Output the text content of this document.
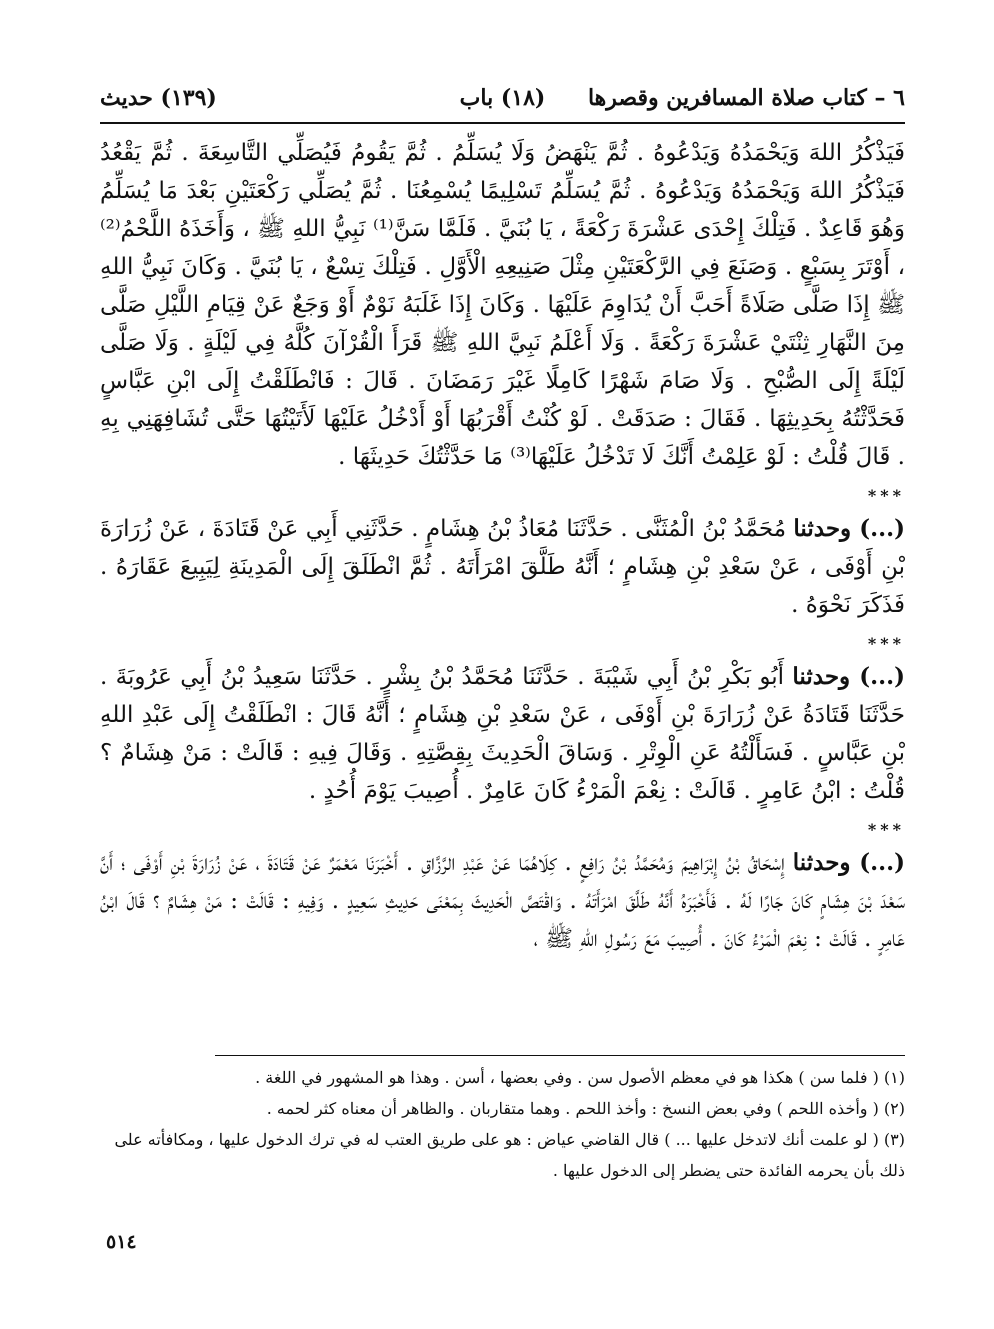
٦ – كتاب صلاة المسافرين وقصرها
(١٨) باب
(١٣٩) حديث

فَيَذْكُرُ اللهَ وَيَحْمَدُهُ وَيَدْعُوهُ . ثُمَّ يَنْهَضُ وَلَا يُسَلِّمُ . ثُمَّ يَقُومُ فَيُصَلِّي التَّاسِعَةَ . ثُمَّ يَقْعُدُ فَيَذْكُرُ اللهَ وَيَحْمَدُهُ وَيَدْعُوهُ . ثُمَّ يُسَلِّمُ تَسْلِيمًا يُسْمِعُنَا . ثُمَّ يُصَلِّي رَكْعَتَيْنِ بَعْدَ مَا يُسَلِّمُ وَهُوَ قَاعِدٌ . فَتِلْكَ إِحْدَى عَشْرَةَ رَكْعَةً ، يَا بُنَيَّ . فَلَمَّا سَنَّ⁽¹⁾ نَبِيُّ اللهِ ﷺ ، وَأَخَذَهُ اللَّحْمُ⁽²⁾ ، أَوْتَرَ بِسَبْعٍ . وَصَنَعَ فِي الرَّكْعَتَيْنِ مِثْلَ صَنِيعِهِ الْأَوَّلِ . فَتِلْكَ تِسْعٌ ، يَا بُنَيَّ . وَكَانَ نَبِيُّ اللهِ ﷺ إِذَا صَلَّى صَلَاةً أَحَبَّ أَنْ يُدَاوِمَ عَلَيْهَا . وَكَانَ إِذَا غَلَبَهُ نَوْمٌ أَوْ وَجَعٌ عَنْ قِيَامِ اللَّيْلِ صَلَّى مِنَ النَّهَارِ ثِنْتَيْ عَشْرَةَ رَكْعَةً . وَلَا أَعْلَمُ نَبِيَّ اللهِ ﷺ قَرَأَ الْقُرْآنَ كُلَّهُ فِي لَيْلَةٍ . وَلَا صَلَّى لَيْلَةً إِلَى الصُّبْحِ . وَلَا صَامَ شَهْرًا كَامِلًا غَيْرَ رَمَضَانَ . قَالَ : فَانْطَلَقْتُ إِلَى ابْنِ عَبَّاسٍ فَحَدَّثْتُهُ بِحَدِيثِهَا . فَقَالَ : صَدَقَتْ . لَوْ كُنْتُ أَقْرَبُهَا أَوْ أَدْخُلُ عَلَيْهَا لَأَتَيْتُهَا حَتَّى تُشَافِهَنِي بِهِ . قَالَ قُلْتُ : لَوْ عَلِمْتُ أَنَّكَ لَا تَدْخُلُ عَلَيْهَا⁽³⁾ مَا حَدَّثْتُكَ حَدِيثَهَا .

***

(...) وحدثنا مُحَمَّدُ بْنُ الْمُثَنَّى . حَدَّثَنَا مُعَاذُ بْنُ هِشَامٍ . حَدَّثَنِي أَبِي عَنْ قَتَادَةَ ، عَنْ زُرَارَةَ بْنِ أَوْفَى ، عَنْ سَعْدِ بْنِ هِشَامٍ ؛ أَنَّهُ طَلَّقَ امْرَأَتَهُ . ثُمَّ انْطَلَقَ إِلَى الْمَدِينَةِ لِيَبِيعَ عَقَارَهُ . فَذَكَرَ نَحْوَهُ .

***

(...) وحدثنا أَبُو بَكْرِ بْنُ أَبِي شَيْبَةَ . حَدَّثَنَا مُحَمَّدُ بْنُ بِشْرٍ . حَدَّثَنَا سَعِيدُ بْنُ أَبِي عَرُوبَةَ . حَدَّثَنَا قَتَادَةُ عَنْ زُرَارَةَ بْنِ أَوْفَى ، عَنْ سَعْدِ بْنِ هِشَامٍ ؛ أَنَّهُ قَالَ : انْطَلَقْتُ إِلَى عَبْدِ اللهِ بْنِ عَبَّاسٍ . فَسَأَلْتُهُ عَنِ الْوِتْرِ . وَسَاقَ الْحَدِيثَ بِقِصَّتِهِ . وَقَالَ فِيهِ : قَالَتْ : مَنْ هِشَامٌ ؟ قُلْتُ : ابْنُ عَامِرٍ . قَالَتْ : نِعْمَ الْمَرْءُ كَانَ عَامِرٌ . أُصِيبَ يَوْمَ أُحُدٍ .

***

(...) وحدثنا إِسْحَاقُ بْنُ إِبْرَاهِيمَ وَمُحَمَّدُ بْنُ رَافِعٍ . كِلَاهُمَا عَنْ عَبْدِ الرَّزَّاقِ . أَخْبَرَنَا مَعْمَرٌ عَنْ قَتَادَةَ ، عَنْ زُرَارَةَ بْنِ أَوْفَى ؛ أَنَّ سَعْدَ بْنَ هِشَامٍ كَانَ جَارًا لَهُ . فَأَخْبَرَهُ أَنَّهُ طَلَّقَ امْرَأَتَهُ . وَاقْتَصَّ الْحَدِيثَ بِمَعْنَى حَدِيثِ سَعِيدٍ . وَفِيهِ : قَالَتْ : مَنْ هِشَامٌ ؟ قَالَ ابْنُ عَامِرٍ . قَالَتْ : نِعْمَ الْمَرْءُ كَانَ . أُصِيبَ مَعَ رَسُولِ اللهِ ﷺ ،

(١) ( فلما سن ) هكذا هو في معظم الأصول سن . وفي بعضها ، أسن . وهذا هو المشهور في اللغة .

(٢) ( وأخذه اللحم ) وفي بعض النسخ : وأخذ اللحم . وهما متقاربان . والظاهر أن معناه كثر لحمه .

(٣) ( لو علمت أنك لاتدخل عليها ... ) قال القاضي عياض : هو على طريق العتب له في ترك الدخول عليها ، ومكافأته على ذلك بأن يحرمه الفائدة حتى يضطر إلى الدخول عليها .

٥١٤
